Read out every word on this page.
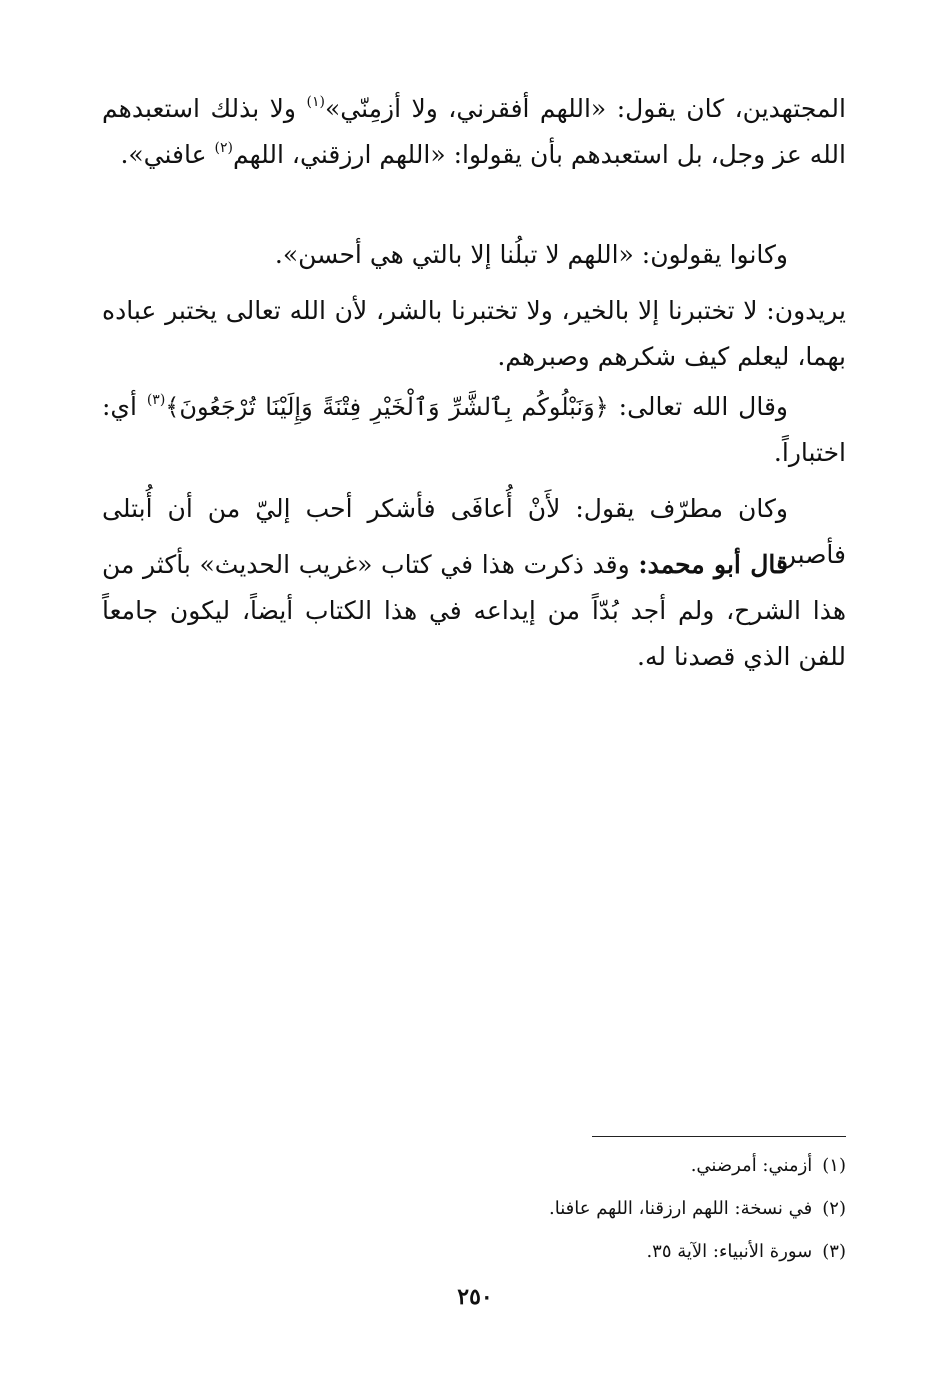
المجتهدين، كان يقول: «اللهم أفقرني، ولا أزمِنّي»$^{(١)}$ ولا بذلك استعبدهم الله عز وجل، بل استعبدهم بأن يقولوا: «اللهم ارزقني، اللهم$^{(٢)}$ عافني».

وكانوا يقولون: «اللهم لا تبلُنا إلا بالتي هي أحسن».

يريدون: لا تختبرنا إلا بالخير، ولا تختبرنا بالشر، لأن الله تعالى يختبر عباده بهما، ليعلم كيف شكرهم وصبرهم.

وقال الله تعالى: ﴿وَنَبْلُوكُم بِٱلشَّرِّ وَٱلْخَيْرِ فِتْنَةً وَإِلَيْنَا تُرْجَعُونَ﴾$^{(٣)}$ أي: اختباراً.

وكان مطرّف يقول: لأَنْ أُعافَى فأشكر أحب إليّ من أن أُبتلى فأصبر.

قال أبو محمد: وقد ذكرت هذا في كتاب «غريب الحديث» بأكثر من هذا الشرح، ولم أجد بُدّاً من إيداعه في هذا الكتاب أيضاً، ليكون جامعاً للفن الذي قصدنا له.

(١)أزمني: أمرضني.
(٢)في نسخة: اللهم ارزقنا، اللهم عافنا.
(٣)سورة الأنبياء: الآية ٣٥.
٢٥٠
